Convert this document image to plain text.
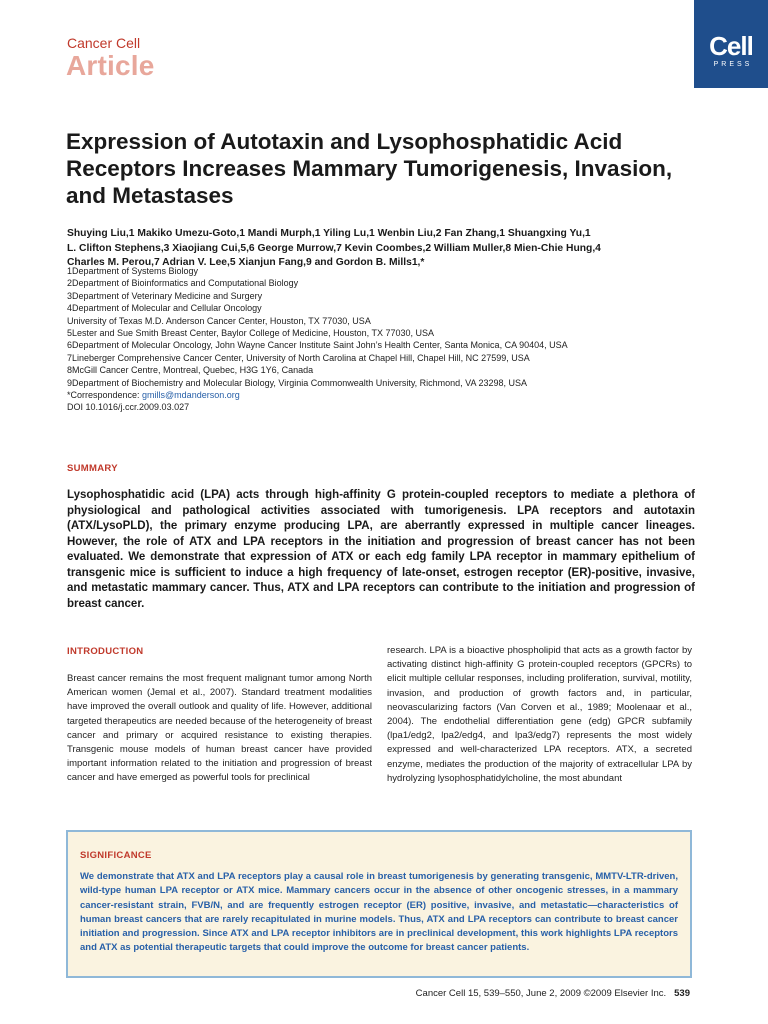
Cancer Cell
Article
Cell
PRESS
Expression of Autotaxin and Lysophosphatidic Acid Receptors Increases Mammary Tumorigenesis, Invasion, and Metastases
Shuying Liu,1 Makiko Umezu-Goto,1 Mandi Murph,1 Yiling Lu,1 Wenbin Liu,2 Fan Zhang,1 Shuangxing Yu,1
L. Clifton Stephens,3 Xiaojiang Cui,5,6 George Murrow,7 Kevin Coombes,2 William Muller,8 Mien-Chie Hung,4
Charles M. Perou,7 Adrian V. Lee,5 Xianjun Fang,9 and Gordon B. Mills1,*
1Department of Systems Biology
2Department of Bioinformatics and Computational Biology
3Department of Veterinary Medicine and Surgery
4Department of Molecular and Cellular Oncology
University of Texas M.D. Anderson Cancer Center, Houston, TX 77030, USA
5Lester and Sue Smith Breast Center, Baylor College of Medicine, Houston, TX 77030, USA
6Department of Molecular Oncology, John Wayne Cancer Institute Saint John’s Health Center, Santa Monica, CA 90404, USA
7Lineberger Comprehensive Cancer Center, University of North Carolina at Chapel Hill, Chapel Hill, NC 27599, USA
8McGill Cancer Centre, Montreal, Quebec, H3G 1Y6, Canada
9Department of Biochemistry and Molecular Biology, Virginia Commonwealth University, Richmond, VA 23298, USA
*Correspondence: gmills@mdanderson.org
DOI 10.1016/j.ccr.2009.03.027
SUMMARY
Lysophosphatidic acid (LPA) acts through high-affinity G protein-coupled receptors to mediate a plethora of physiological and pathological activities associated with tumorigenesis. LPA receptors and autotaxin (ATX/LysoPLD), the primary enzyme producing LPA, are aberrantly expressed in multiple cancer lineages. However, the role of ATX and LPA receptors in the initiation and progression of breast cancer has not been evaluated. We demonstrate that expression of ATX or each edg family LPA receptor in mammary epithelium of transgenic mice is sufficient to induce a high frequency of late-onset, estrogen receptor (ER)-positive, invasive, and metastatic mammary cancer. Thus, ATX and LPA receptors can contribute to the initiation and progression of breast cancer.
INTRODUCTION
Breast cancer remains the most frequent malignant tumor among North American women (Jemal et al., 2007). Standard treatment modalities have improved the overall outlook and quality of life. However, additional targeted therapeutics are needed because of the heterogeneity of breast cancer and primary or acquired resistance to existing therapies. Transgenic mouse models of human breast cancer have provided important information related to the initiation and progression of breast cancer and have emerged as powerful tools for preclinical
research. LPA is a bioactive phospholipid that acts as a growth factor by activating distinct high-affinity G protein-coupled receptors (GPCRs) to elicit multiple cellular responses, including proliferation, survival, motility, invasion, and production of growth factors and, in particular, neovascularizing factors (Van Corven et al., 1989; Moolenaar et al., 2004). The endothelial differentiation gene (edg) GPCR subfamily (lpa1/edg2, lpa2/edg4, and lpa3/edg7) represents the most widely expressed and well-characterized LPA receptors. ATX, a secreted enzyme, mediates the production of the majority of extracellular LPA by hydrolyzing lysophosphatidylcholine, the most abundant
SIGNIFICANCE
We demonstrate that ATX and LPA receptors play a causal role in breast tumorigenesis by generating transgenic, MMTV-LTR-driven, wild-type human LPA receptor or ATX mice. Mammary cancers occur in the absence of other oncogenic stresses, in a mammary cancer-resistant strain, FVB/N, and are frequently estrogen receptor (ER) positive, invasive, and metastatic—characteristics of human breast cancers that are rarely recapitulated in murine models. Thus, ATX and LPA receptors can contribute to breast cancer initiation and progression. Since ATX and LPA receptor inhibitors are in preclinical development, this work highlights LPA receptors and ATX as potential therapeutic targets that could improve the outcome for breast cancer patients.
Cancer Cell 15, 539–550, June 2, 2009 ©2009 Elsevier Inc. 539
